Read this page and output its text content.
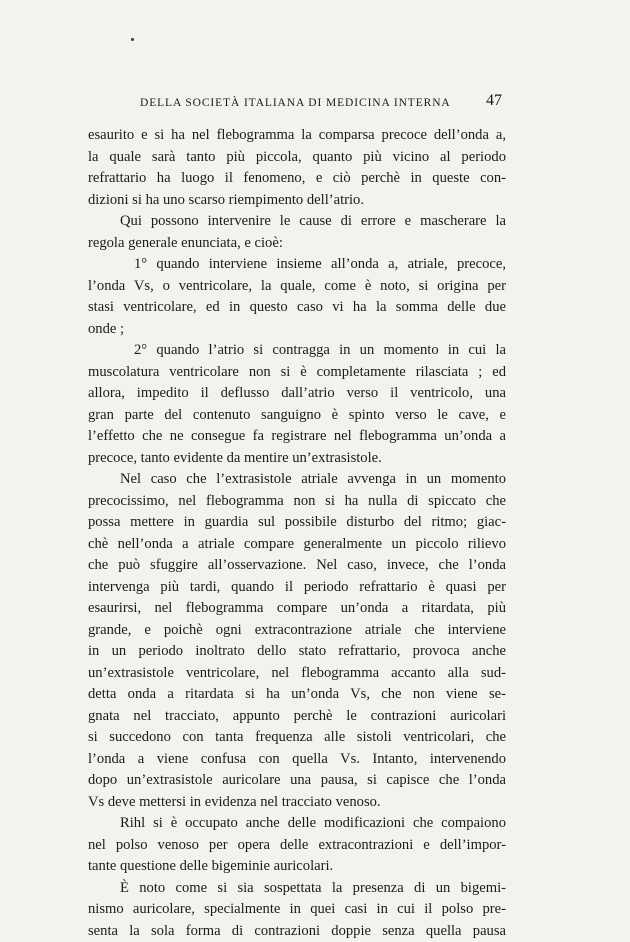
DELLA SOCIETÀ ITALIANA DI MEDICINA INTERNA 47
esaurito e si ha nel flebogramma la comparsa precoce dell’onda a,
la quale sarà tanto più piccola, quanto più vicino al periodo
refrattario ha luogo il fenomeno, e ciò perchè in queste con-
dizioni si ha uno scarso riempimento dell’atrio.
Qui possono intervenire le cause di errore e mascherare la
regola generale enunciata, e cioè:
1° quando interviene insieme all’onda a, atriale, precoce,
l’onda Vs, o ventricolare, la quale, come è noto, si origina per
stasi ventricolare, ed in questo caso vi ha la somma delle due
onde ;
2° quando l’atrio si contragga in un momento in cui la
muscolatura ventricolare non si è completamente rilasciata ; ed
allora, impedito il deflusso dall’atrio verso il ventricolo, una
gran parte del contenuto sanguigno è spinto verso le cave, e
l’effetto che ne consegue fa registrare nel flebogramma un’onda a
precoce, tanto evidente da mentire un’extrasistole.
Nel caso che l’extrasistole atriale avvenga in un momento
precocissimo, nel flebogramma non si ha nulla di spiccato che
possa mettere in guardia sul possibile disturbo del ritmo; giac-
chè nell’onda a atriale compare generalmente un piccolo rilievo
che può sfuggire all’osservazione. Nel caso, invece, che l’onda
intervenga più tardi, quando il periodo refrattario è quasi per
esaurirsi, nel flebogramma compare un’onda a ritardata, più
grande, e poichè ogni extracontrazione atriale che interviene
in un periodo inoltrato dello stato refrattario, provoca anche
un’extrasistole ventricolare, nel flebogramma accanto alla sud-
detta onda a ritardata si ha un’onda Vs, che non viene se-
gnata nel tracciato, appunto perchè le contrazioni auricolari
si succedono con tanta frequenza alle sistoli ventricolari, che
l’onda a viene confusa con quella Vs. Intanto, intervenendo
dopo un’extrasistole auricolare una pausa, si capisce che l’onda
Vs deve mettersi in evidenza nel tracciato venoso.
Rihl si è occupato anche delle modificazioni che compaiono
nel polso venoso per opera delle extracontrazioni e dell’impor-
tante questione delle bigeminie auricolari.
È noto come si sia sospettata la presenza di un bigemi-
nismo auricolare, specialmente in quei casi in cui il polso pre-
senta la sola forma di contrazioni doppie senza quella pausa
